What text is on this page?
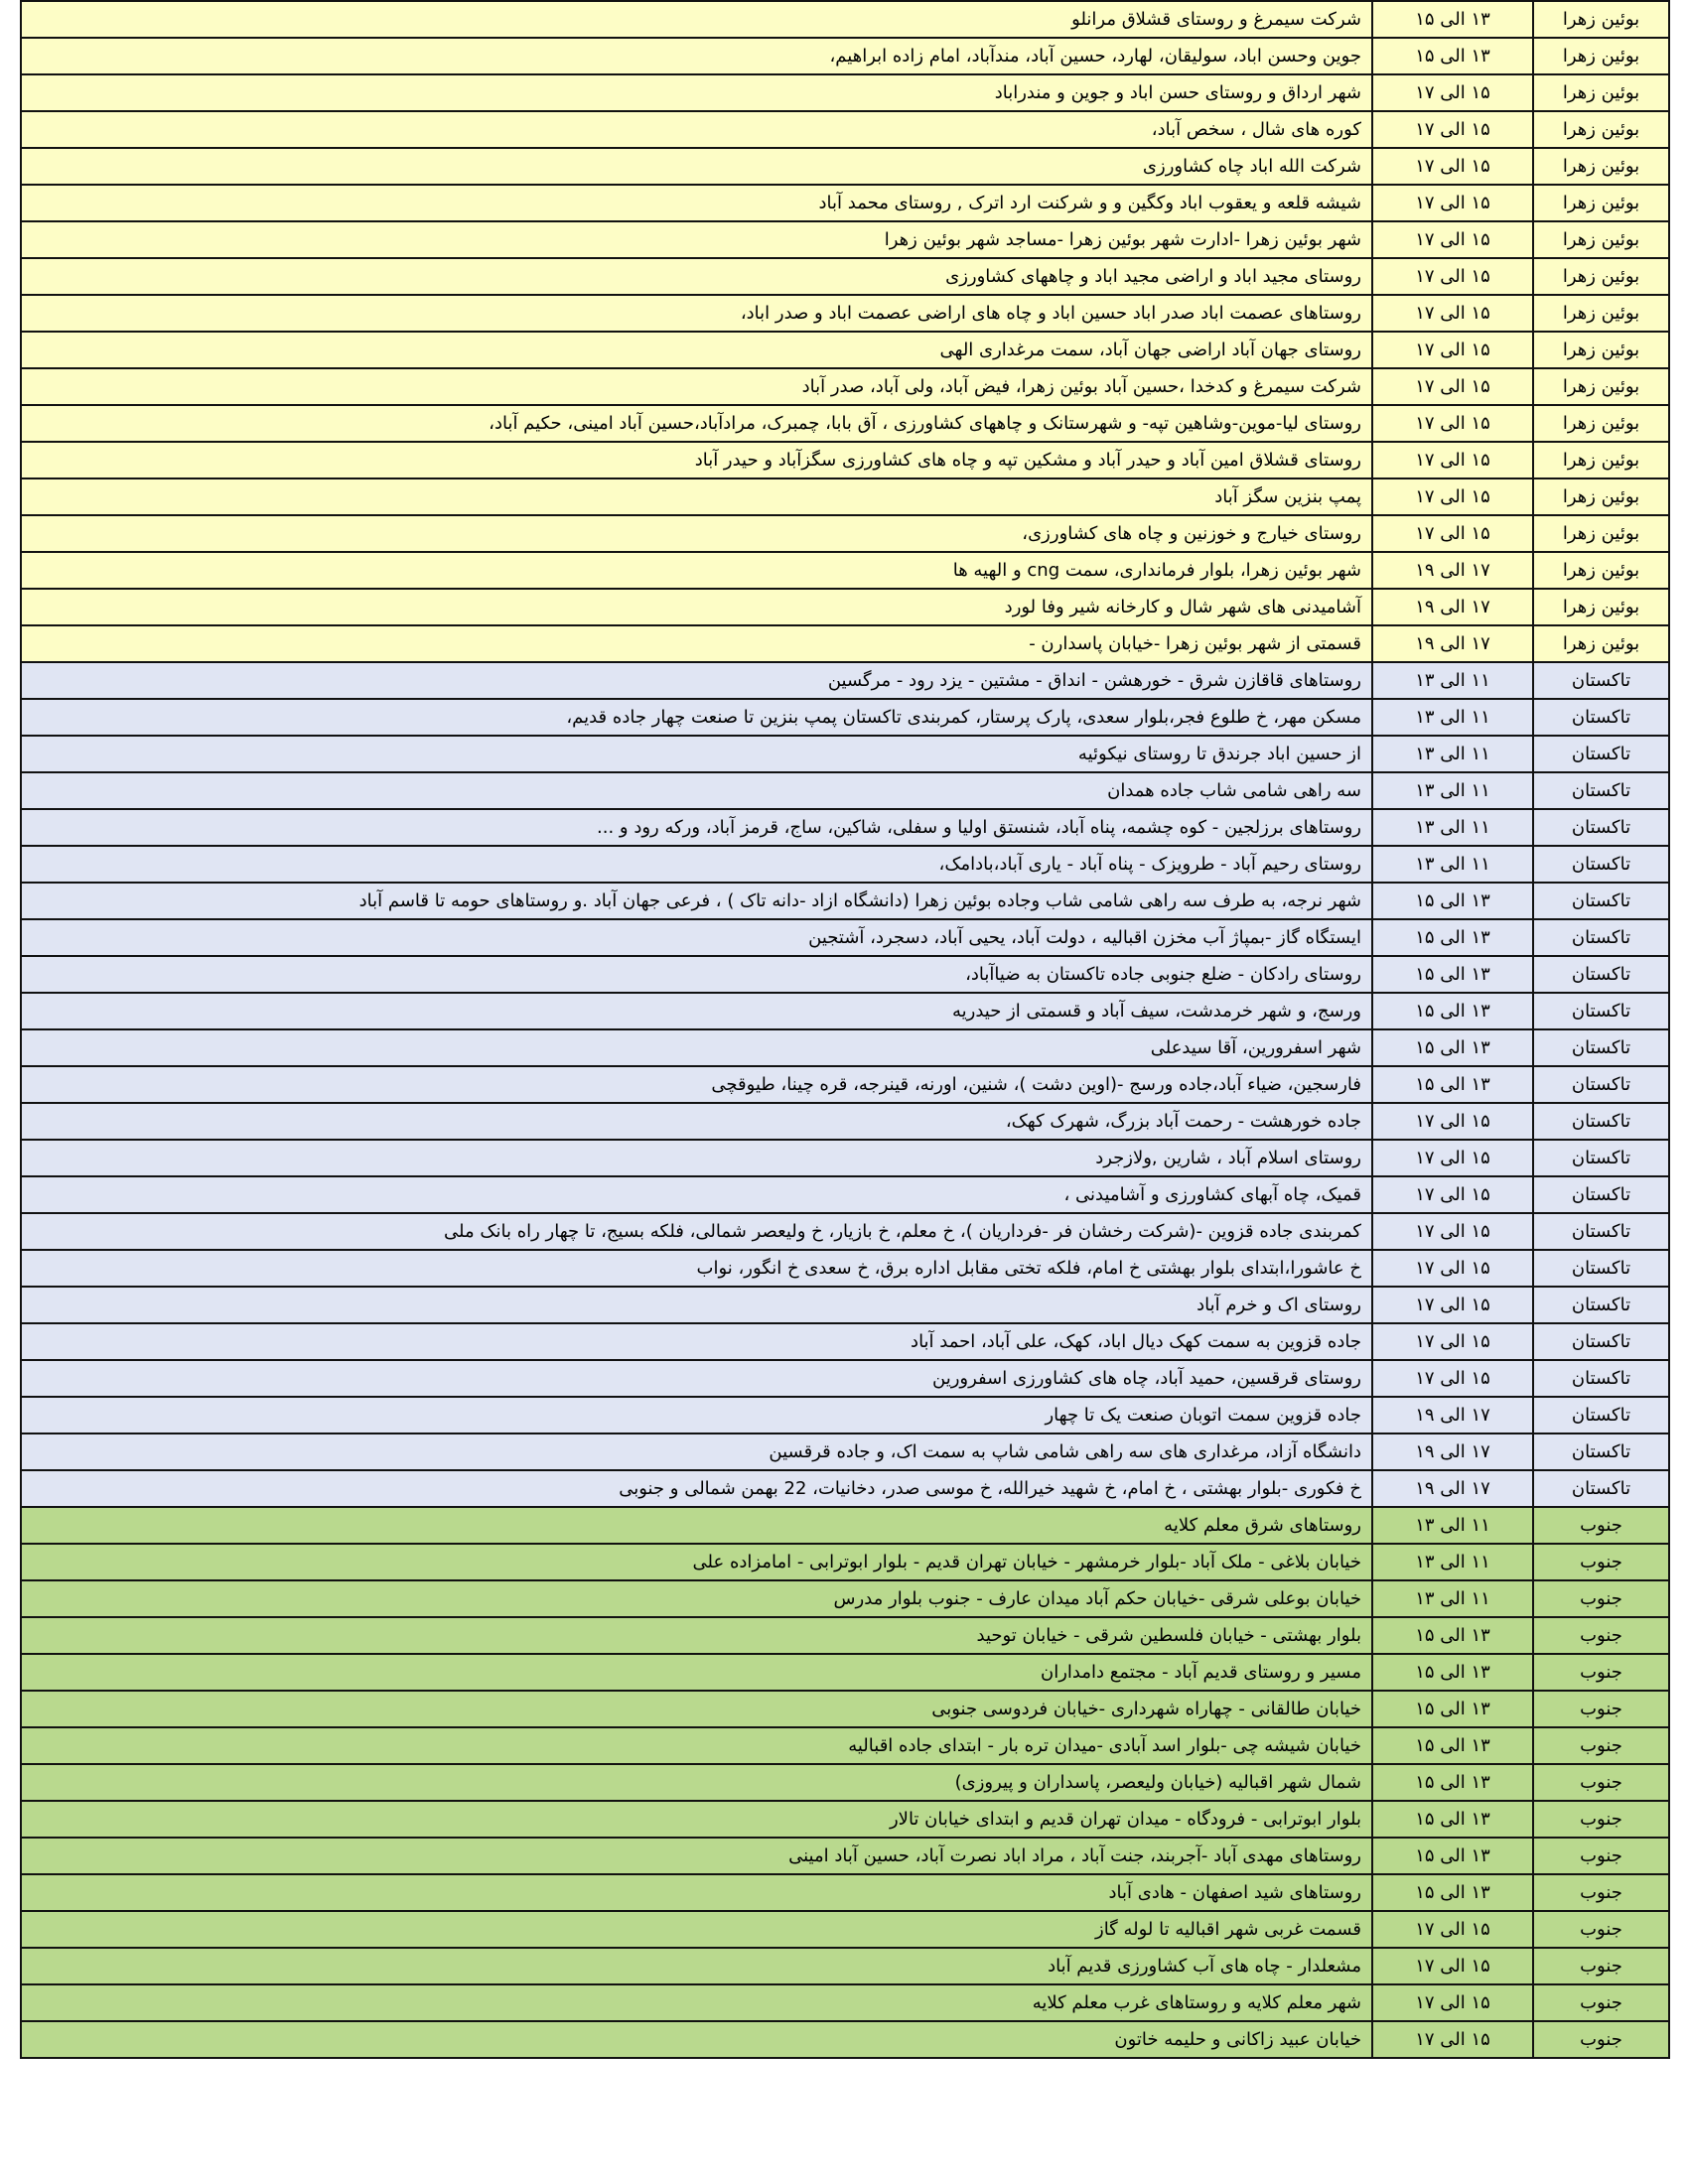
بوئین زهرا	۱۳ الی ۱۵	شرکت سیمرغ و روستای قشلاق مرانلو
بوئین زهرا	۱۳ الی ۱۵	جوین وحسن اباد، سولیقان، لهارد، حسین آباد، مندآباد، امام زاده ابراهیم،
بوئین زهرا	۱۵ الی ۱۷	شهر ارداق و روستای حسن اباد و جوین و مندراباد
بوئین زهرا	۱۵ الی ۱۷	کوره های شال ، سخص آباد،
بوئین زهرا	۱۵ الی ۱۷	شرکت الله اباد چاه کشاورزی
بوئین زهرا	۱۵ الی ۱۷	شیشه قلعه و یعقوب اباد وکگین و و شرکنت ارد اترک , روستای محمد آباد
بوئین زهرا	۱۵ الی ۱۷	شهر بوئین زهرا -ادارت شهر بوئین زهرا -مساجد شهر بوئین زهرا
بوئین زهرا	۱۵ الی ۱۷	روستای مجید اباد و اراضی مجید اباد و چاههای کشاورزی
بوئین زهرا	۱۵ الی ۱۷	روستاهای عصمت اباد صدر اباد حسین اباد و چاه های اراضی عصمت اباد و صدر اباد،
بوئین زهرا	۱۵ الی ۱۷	روستای جهان آباد اراضی جهان آباد، سمت مرغداری الهی
بوئین زهرا	۱۵ الی ۱۷	شرکت سیمرغ و کدخدا ،حسین آباد بوئین زهرا، فیض آباد، ولی آباد، صدر آباد
بوئین زهرا	۱۵ الی ۱۷	روستای لیا-موین-وشاهین تپه- و شهرستانک و چاههای کشاورزی ، آق بابا، چمبرک، مرادآباد،حسین آباد امینی، حکیم آباد،
بوئین زهرا	۱۵ الی ۱۷	روستای قشلاق امین آباد و حیدر آباد و مشکین تپه و چاه های کشاورزی سگزآباد و حیدر آباد
بوئین زهرا	۱۵ الی ۱۷	پمپ بنزین سگز آباد
بوئین زهرا	۱۵ الی ۱۷	روستای خیارج و خوزنین و چاه های کشاورزی،
بوئین زهرا	۱۷ الی ۱۹	شهر بوئین زهرا، بلوار فرمانداری، سمت cng و الهیه ها
بوئین زهرا	۱۷ الی ۱۹	آشامیدنی های شهر شال و کارخانه شیر وفا لورد
بوئین زهرا	۱۷ الی ۱۹	قسمتی از شهر بوئین زهرا -خیابان پاسدارن -
تاکستان	۱۱ الی ۱۳	روستاهای قاقازن شرق - خورهشن - انداق - مشتین - یزد رود - مرگسین
تاکستان	۱۱ الی ۱۳	مسکن مهر، خ طلوع فجر،بلوار سعدی، پارک پرستار، کمربندی تاکستان پمپ بنزین تا صنعت چهار جاده قدیم،
تاکستان	۱۱ الی ۱۳	از حسین اباد جرندق تا روستای نیکوئیه
تاکستان	۱۱ الی ۱۳	سه راهی شامی شاب جاده همدان
تاکستان	۱۱ الی ۱۳	روستاهای برزلجین - کوه چشمه، پناه آباد، شنستق اولیا و سفلی، شاکین، ساج، قرمز آباد، ورکه رود و ...
تاکستان	۱۱ الی ۱۳	روستای رحیم آباد - طرویزک - پناه آباد - یاری آباد،بادامک،
تاکستان	۱۳ الی ۱۵	شهر نرجه، به طرف سه راهی شامی شاب وجاده بوئین زهرا (دانشگاه ازاد -دانه تاک ) ، فرعی جهان آباد .و روستاهای حومه تا قاسم آباد
تاکستان	۱۳ الی ۱۵	ایستگاه گاز -بمپاژ آب مخزن اقبالیه ، دولت آباد، یحیی آباد، دسجرد، آشتجین
تاکستان	۱۳ الی ۱۵	روستای رادکان - ضلع جنوبی جاده تاکستان به ضیاآباد،
تاکستان	۱۳ الی ۱۵	ورسج، و شهر خرمدشت، سیف آباد و قسمتی از حیدریه
تاکستان	۱۳ الی ۱۵	شهر اسفرورین، آقا سیدعلی
تاکستان	۱۳ الی ۱۵	فارسجین، ضیاء آباد،جاده ورسج -(اوین دشت )، شنین، اورنه، قینرجه، قره چینا، طیوقچی
تاکستان	۱۵ الی ۱۷	جاده خورهشت - رحمت آباد بزرگ، شهرک کهک،
تاکستان	۱۵ الی ۱۷	روستای اسلام آباد ، شارین ,ولازجرد
تاکستان	۱۵ الی ۱۷	قمیک، چاه آبهای کشاورزی و آشامیدنی ،
تاکستان	۱۵ الی ۱۷	کمربندی جاده قزوین -(شرکت رخشان فر -فرداریان )، خ معلم، خ بازیار، خ ولیعصر شمالی، فلکه بسیج، تا چهار راه بانک ملی
تاکستان	۱۵ الی ۱۷	خ عاشورا،ابتدای بلوار بهشتی خ امام، فلکه تختی مقابل اداره برق، خ سعدی خ انگور، نواب
تاکستان	۱۵ الی ۱۷	روستای اک و خرم آباد
تاکستان	۱۵ الی ۱۷	جاده قزوین به سمت کهک دیال اباد، کهک، علی آباد، احمد آباد
تاکستان	۱۵ الی ۱۷	روستای قرقسین، حمید آباد، چاه های کشاورزی اسفرورین
تاکستان	۱۷ الی ۱۹	جاده قزوین سمت اتوبان صنعت یک تا چهار
تاکستان	۱۷ الی ۱۹	دانشگاه آزاد، مرغداری های سه راهی شامی شاپ به سمت اک، و جاده قرقسین
تاکستان	۱۷ الی ۱۹	خ فکوری -بلوار بهشتی ، خ امام، خ شهید خیرالله، خ موسی صدر، دخانیات، 22 بهمن شمالی و جنوبی
جنوب	۱۱ الی ۱۳	روستاهای شرق معلم کلایه
جنوب	۱۱ الی ۱۳	خیابان بلاغی - ملک آباد -بلوار خرمشهر - خیابان تهران قدیم - بلوار ابوترابی - امامزاده علی
جنوب	۱۱ الی ۱۳	خیابان بوعلی شرقی -خیابان حکم آباد میدان عارف - جنوب بلوار مدرس
جنوب	۱۳ الی ۱۵	بلوار بهشتی - خیابان فلسطین شرقی - خیابان توحید
جنوب	۱۳ الی ۱۵	مسیر و روستای قدیم آباد - مجتمع دامداران
جنوب	۱۳ الی ۱۵	خیابان طالقانی - چهاراه شهرداری -خیابان فردوسی جنوبی
جنوب	۱۳ الی ۱۵	خیابان شیشه چی -بلوار اسد آبادی -میدان تره بار - ابتدای جاده اقبالیه
جنوب	۱۳ الی ۱۵	شمال شهر اقبالیه (خیابان ولیعصر، پاسداران و پیروزی)
جنوب	۱۳ الی ۱۵	بلوار ابوترابی - فرودگاه - میدان تهران قدیم و ابتدای خیابان تالار
جنوب	۱۳ الی ۱۵	روستاهای مهدی آباد -آجربند، جنت آباد ، مراد اباد نصرت آباد، حسین آباد امینی
جنوب	۱۳ الی ۱۵	روستاهای شید اصفهان - هادی آباد
جنوب	۱۵ الی ۱۷	قسمت غربی شهر اقبالیه تا لوله گاز
جنوب	۱۵ الی ۱۷	مشعلدار - چاه های آب کشاورزی قدیم آباد
جنوب	۱۵ الی ۱۷	شهر معلم کلایه و روستاهای غرب معلم کلایه
جنوب	۱۵ الی ۱۷	خیابان عبید زاکانی و حلیمه خاتون
